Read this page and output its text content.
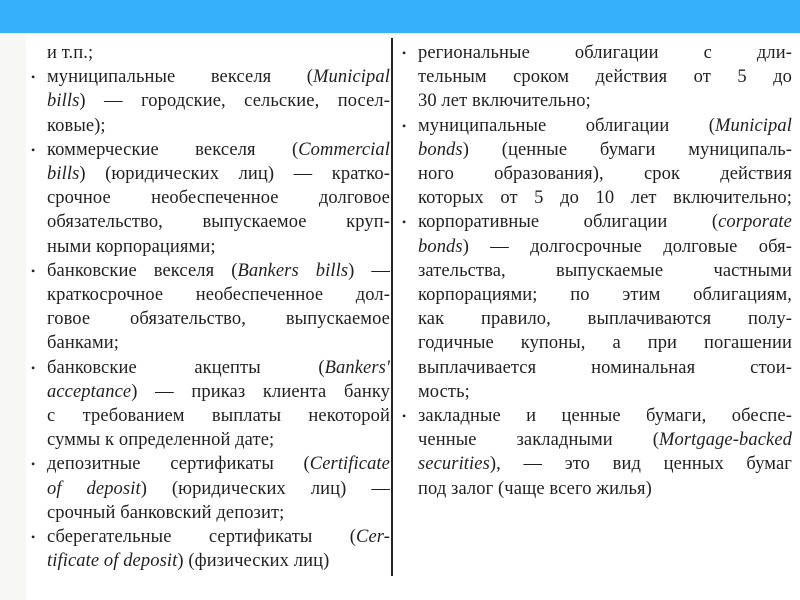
и т.п.;
• муниципальные векселя (Municipal
bills) — городские, сельские, посел-
ковые);
• коммерческие векселя (Commercial
bills) (юридических лиц) — кратко-
срочное необеспеченное долговое
обязательство, выпускаемое круп-
ными корпорациями;
• банковские векселя (Bankers bills) —
краткосрочное необеспеченное дол-
говое обязательство, выпускаемое
банками;
• банковские акцепты (Bankers'
acceptance) — приказ клиента банку
с требованием выплаты некоторой
суммы к определенной дате;
• депозитные сертификаты (Certificate
of deposit) (юридических лиц) —
срочный банковский депозит;
• сберегательные сертификаты (Cer-
tificate of deposit) (физических лиц)
• региональные облигации с дли-
тельным сроком действия от 5 до
30 лет включительно;
• муниципальные облигации (Municipal
bonds) (ценные бумаги муниципаль-
ного образования), срок действия
которых от 5 до 10 лет включительно;
• корпоративные облигации (corporate
bonds) — долгосрочные долговые обя-
зательства, выпускаемые частными
корпорациями; по этим облигациям,
как правило, выплачиваются полу-
годичные купоны, а при погашении
выплачивается номинальная стои-
мость;
• закладные и ценные бумаги, обеспе-
ченные закладными (Mortgage-backed
securities), — это вид ценных бумаг
под залог (чаще всего жилья)
